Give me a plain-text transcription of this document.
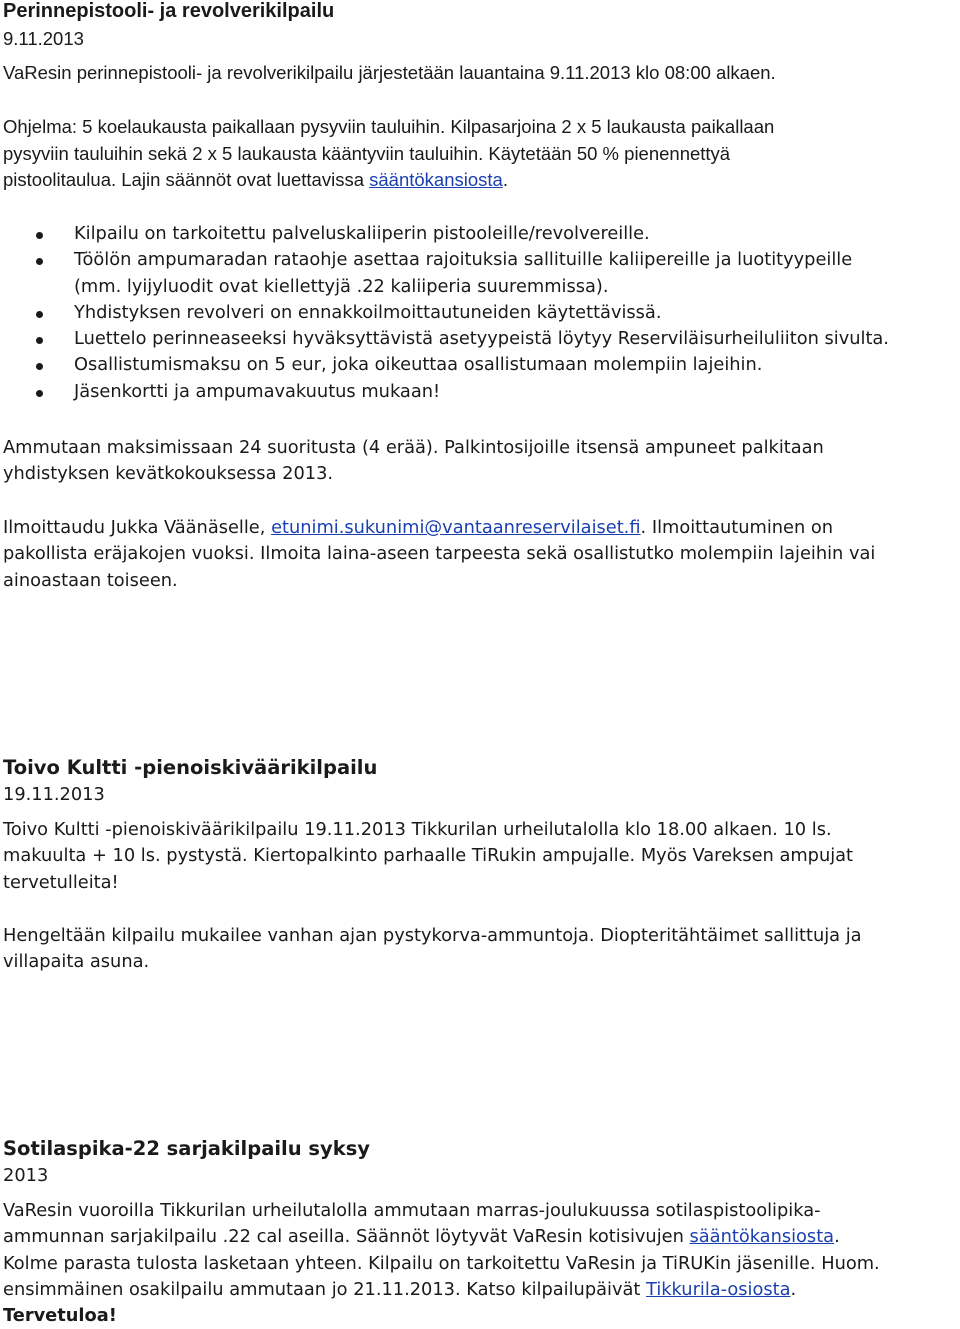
Perinnepistooli- ja revolverikilpailu
9.11.2013
VaResin perinnepistooli- ja revolverikilpailu järjestetään lauantaina 9.11.2013 klo 08:00 alkaen.
Ohjelma: 5 koelaukausta paikallaan pysyviin tauluihin. Kilpasarjoina 2 x 5 laukausta paikallaan
pysyviin tauluihin sekä 2 x 5 laukausta kääntyviin tauluihin. Käytetään 50 % pienennettyä
pistoolitaulua. Lajin säännöt ovat luettavissa sääntökansiosta.
Kilpailu on tarkoitettu palveluskaliiperin pistooleille/revolvereille.
Töölön ampumaradan rataohje asettaa rajoituksia sallituille kaliipereille ja luotityypeille
(mm. lyijyluodit ovat kiellettyjä .22 kaliiperia suuremmissa).
Yhdistyksen revolveri on ennakkoilmoittautuneiden käytettävissä.
Luettelo perinneaseeksi hyväksyttävistä asetyypeistä löytyy Reserviläisurheiluliiton sivulta.
Osallistumismaksu on 5 eur, joka oikeuttaa osallistumaan molempiin lajeihin.
Jäsenkortti ja ampumavakuutus mukaan!
Ammutaan maksimissaan 24 suoritusta (4 erää). Palkintosijoille itsensä ampuneet palkitaan
yhdistyksen kevätkokouksessa 2013.
Ilmoittaudu Jukka Väänäselle, etunimi.sukunimi@vantaanreservilaiset.fi. Ilmoittautuminen on
pakollista eräjakojen vuoksi. Ilmoita laina-aseen tarpeesta sekä osallistutko molempiin lajeihin vai
ainoastaan toiseen.
Toivo Kultti -pienoiskiväärikilpailu
19.11.2013
Toivo Kultti -pienoiskiväärikilpailu 19.11.2013 Tikkurilan urheilutalolla klo 18.00 alkaen. 10 ls.
makuulta + 10 ls. pystystä. Kiertopalkinto parhaalle TiRukin ampujalle. Myös Vareksen ampujat
tervetulleita!
Hengeltään kilpailu mukailee vanhan ajan pystykorva-ammuntoja. Diopteritähtäimet sallittuja ja
villapaita asuna.
Sotilaspika-22 sarjakilpailu syksy
2013
VaResin vuoroilla Tikkurilan urheilutalolla ammutaan marras-joulukuussa sotilaspistoolipika-
ammunnan sarjakilpailu .22 cal aseilla. Säännöt löytyvät VaResin kotisivujen sääntökansiosta.
Kolme parasta tulosta lasketaan yhteen. Kilpailu on tarkoitettu VaResin ja TiRUKin jäsenille. Huom.
ensimmäinen osakilpailu ammutaan jo 21.11.2013. Katso kilpailupäivät Tikkurila-osiosta.
Tervetuloa!
